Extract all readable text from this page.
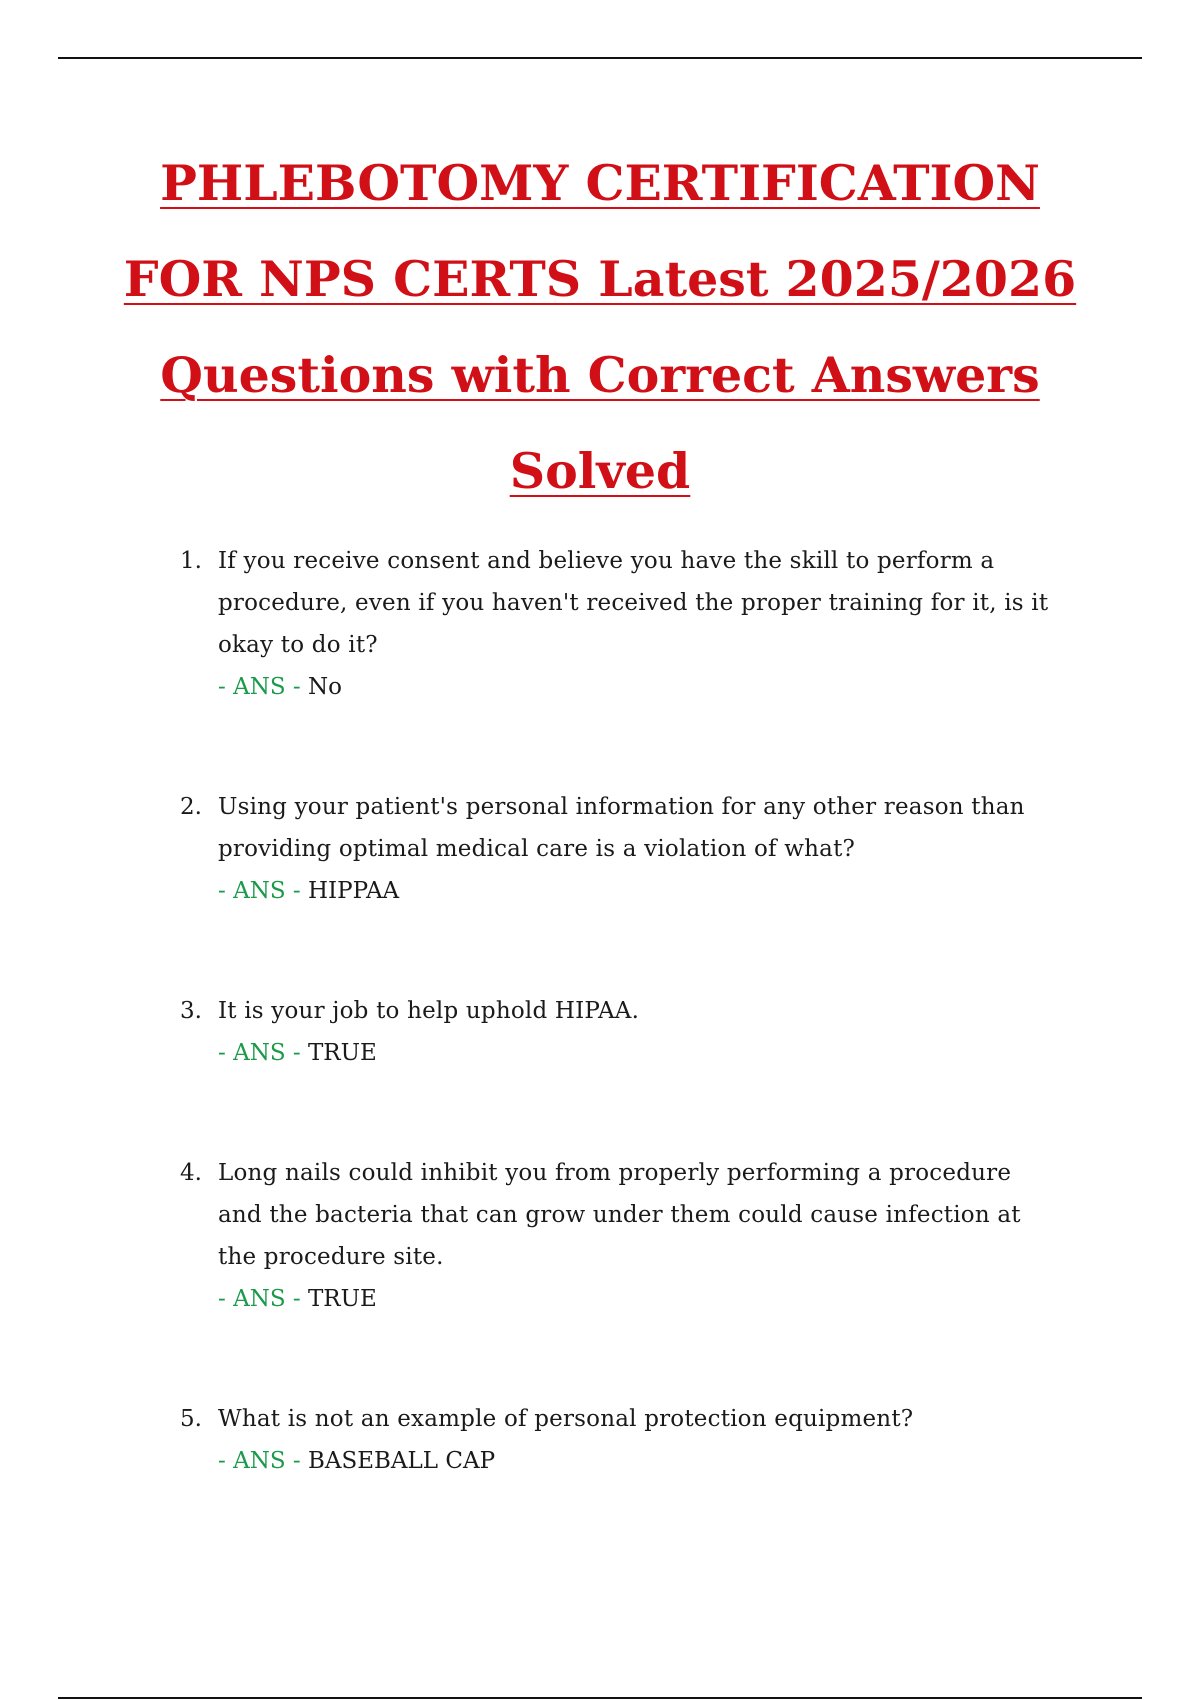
PHLEBOTOMY CERTIFICATION
FOR NPS CERTS Latest 2025/2026
Questions with Correct Answers
Solved
1. If you receive consent and believe you have the skill to perform a procedure, even if you haven't received the proper training for it, is it okay to do it?
- ANS - No
2. Using your patient's personal information for any other reason than providing optimal medical care is a violation of what?
- ANS - HIPPAA
3. It is your job to help uphold HIPAA.
- ANS - TRUE
4. Long nails could inhibit you from properly performing a procedure and the bacteria that can grow under them could cause infection at the procedure site.
- ANS - TRUE
5. What is not an example of personal protection equipment?
- ANS - BASEBALL CAP
